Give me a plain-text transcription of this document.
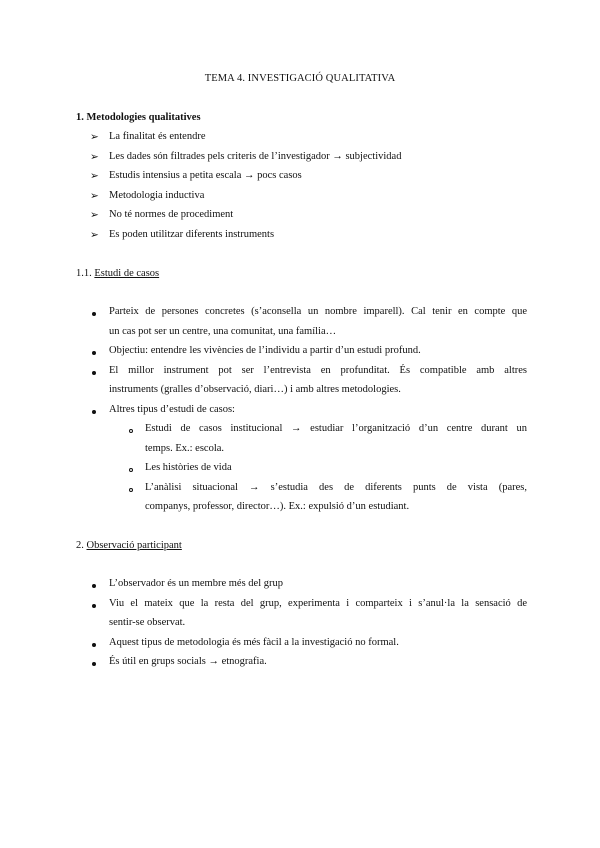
TEMA 4. INVESTIGACIÓ QUALITATIVA
1. Metodologies qualitatives
➢ La finalitat és entendre
➢ Les dades són filtrades pels criteris de l’investigador → subjectividad
➢ Estudis intensius a petita escala → pocs casos
➢ Metodologia inductiva
➢ No té normes de procediment
➢ Es poden utilitzar diferents instruments
1.1. Estudi de casos
Parteix de persones concretes (s’aconsella un nombre imparell). Cal tenir en compte que
un cas pot ser un centre, una comunitat, una família…
Objectiu: entendre les vivències de l’individu a partir d’un estudi profund.
El millor instrument pot ser l’entrevista en profunditat. És compatible amb altres
instruments (gralles d’observació, diari…) i amb altres metodologies.
Altres tipus d’estudi de casos:
Estudi de casos institucional → estudiar l’organització d’un centre durant un
temps. Ex.: escola.
Les històries de vida
L’anàlisi situacional → s’estudia des de diferents punts de vista (pares,
companys, professor, director…). Ex.: expulsió d’un estudiant.
2. Observació participant
L’observador és un membre més del grup
Viu el mateix que la resta del grup, experimenta i comparteix i s’anul·la la sensació de
sentir-se observat.
Aquest tipus de metodologia és més fàcil a la investigació no formal.
És útil en grups socials → etnografia.
